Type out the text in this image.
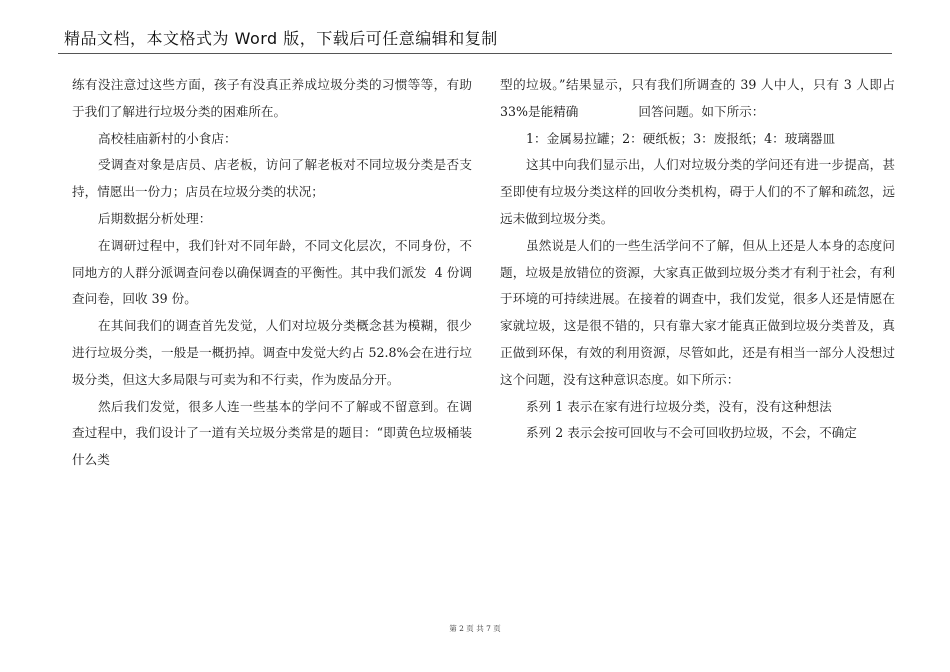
精品文档，本文格式为 Word 版，下载后可任意编辑和复制

练有没注意过这些方面，孩子有没真正养成垃圾分类的习惯等等，有助于我们了解进行垃圾分类的困难所在。

高校桂庙新村的小食店：

受调查对象是店员、店老板，访问了解老板对不同垃圾分类是否支持，情愿出一份力；店员在垃圾分类的状况；

后期数据分析处理：

在调研过程中，我们针对不同年龄，不同文化层次，不同身份，不同地方的人群分派调查问卷以确保调查的平衡性。其中我们派发  4 份调查问卷，回收 39 份。

在其间我们的调查首先发觉，人们对垃圾分类概念甚为模糊，很少进行垃圾分类，一般是一概扔掉。调查中发觉大约占 52.8%会在进行垃圾分类，但这大多局限与可卖为和不行卖，作为废品分开。

然后我们发觉，很多人连一些基本的学问不了解或不留意到。在调查过程中，我们设计了一道有关垃圾分类常是的题目：“即黄色垃圾桶装什么类

型的垃圾。”结果显示，只有我们所调查的 39 人中人，只有 3 人即占 33%是能精确               回答问题。如下所示：

1：金属易拉罐；2：硬纸板；3：废报纸；4：玻璃器皿

这其中向我们显示出，人们对垃圾分类的学问还有进一步提高，甚至即使有垃圾分类这样的回收分类机构，碍于人们的不了解和疏忽，远远未做到垃圾分类。

虽然说是人们的一些生活学问不了解，但从上还是人本身的态度问题，垃圾是放错位的资源，大家真正做到垃圾分类才有利于社会，有利于环境的可持续进展。在接着的调查中，我们发觉，很多人还是情愿在家就垃圾，这是很不错的，只有靠大家才能真正做到垃圾分类普及，真正做到环保，有效的利用资源，尽管如此，还是有相当一部分人没想过这个问题，没有这种意识态度。如下所示：

系列 1 表示在家有进行垃圾分类，没有，没有这种想法

系列 2 表示会按可回收与不会可回收扔垃圾，不会，不确定

第 2 页 共 7 页
